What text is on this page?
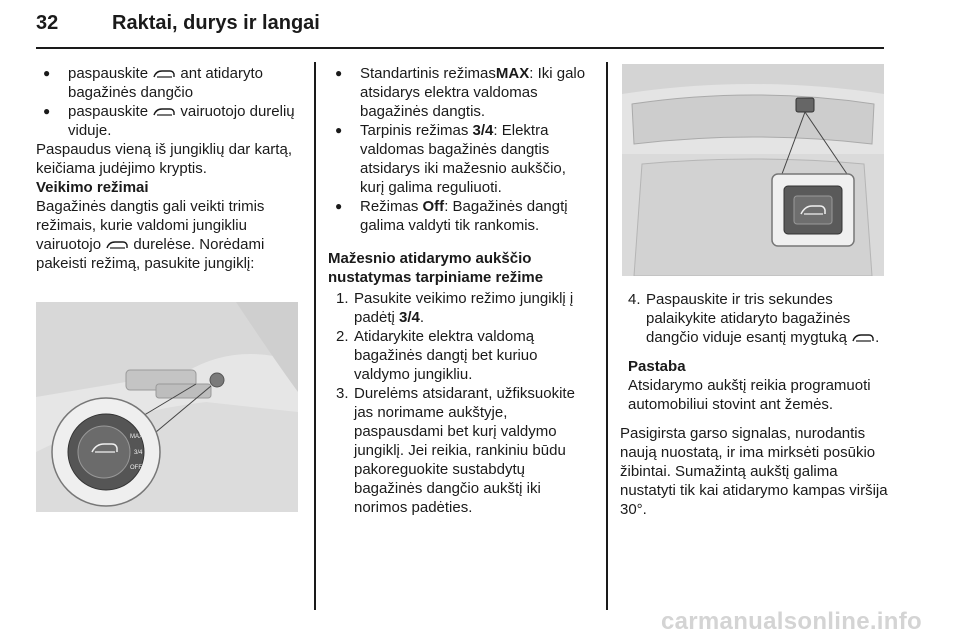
32	Raktai, durys ir langai

● paspauskite ant atidaryto bagažinės dangčio

● paspauskite vairuotojo durelių viduje.

Paspaudus vieną iš jungiklių dar kartą, keičiama judėjimo kryptis.

Veikimo režimai

Bagažinės dangtis gali veikti trimis režimais, kurie valdomi jungikliu vairuotojo durelėse. Norėdami pakeisti režimą, pasukite jungiklį:

MAX
3/4
OFF

● Standartinis režimasMAX: Iki galo atsidarys elektra valdomas bagažinės dangtis.

● Tarpinis režimas 3/4: Elektra valdomas bagažinės dangtis atsidarys iki mažesnio aukščio, kurį galima reguliuoti.

● Režimas Off: Bagažinės dangtį galima valdyti tik rankomis.

Mažesnio atidarymo aukščio nustatymas tarpiniame režime

1. Pasukite veikimo režimo jungiklį į padėtį 3/4.

2. Atidarykite elektra valdomą bagažinės dangtį bet kuriuo valdymo jungikliu.

3. Durelėms atsidarant, užfiksuokite jas norimame aukštyje, paspausdami bet kurį valdymo jungiklį. Jei reikia, rankiniu būdu pakoreguokite sustabdytų bagažinės dangčio aukštį iki norimos padėties.

4. Paspauskite ir tris sekundes palaikykite atidaryto bagažinės dangčio viduje esantį mygtuką .

Pastaba

Atsidarymo aukštį reikia programuoti automobiliui stovint ant žemės.

Pasigirsta garso signalas, nurodantis naują nuostatą, ir ima mirksėti posūkio žibintai. Sumažintą aukštį galima nustatyti tik kai atidarymo kampas viršija 30°.

carmanualsonline.info
